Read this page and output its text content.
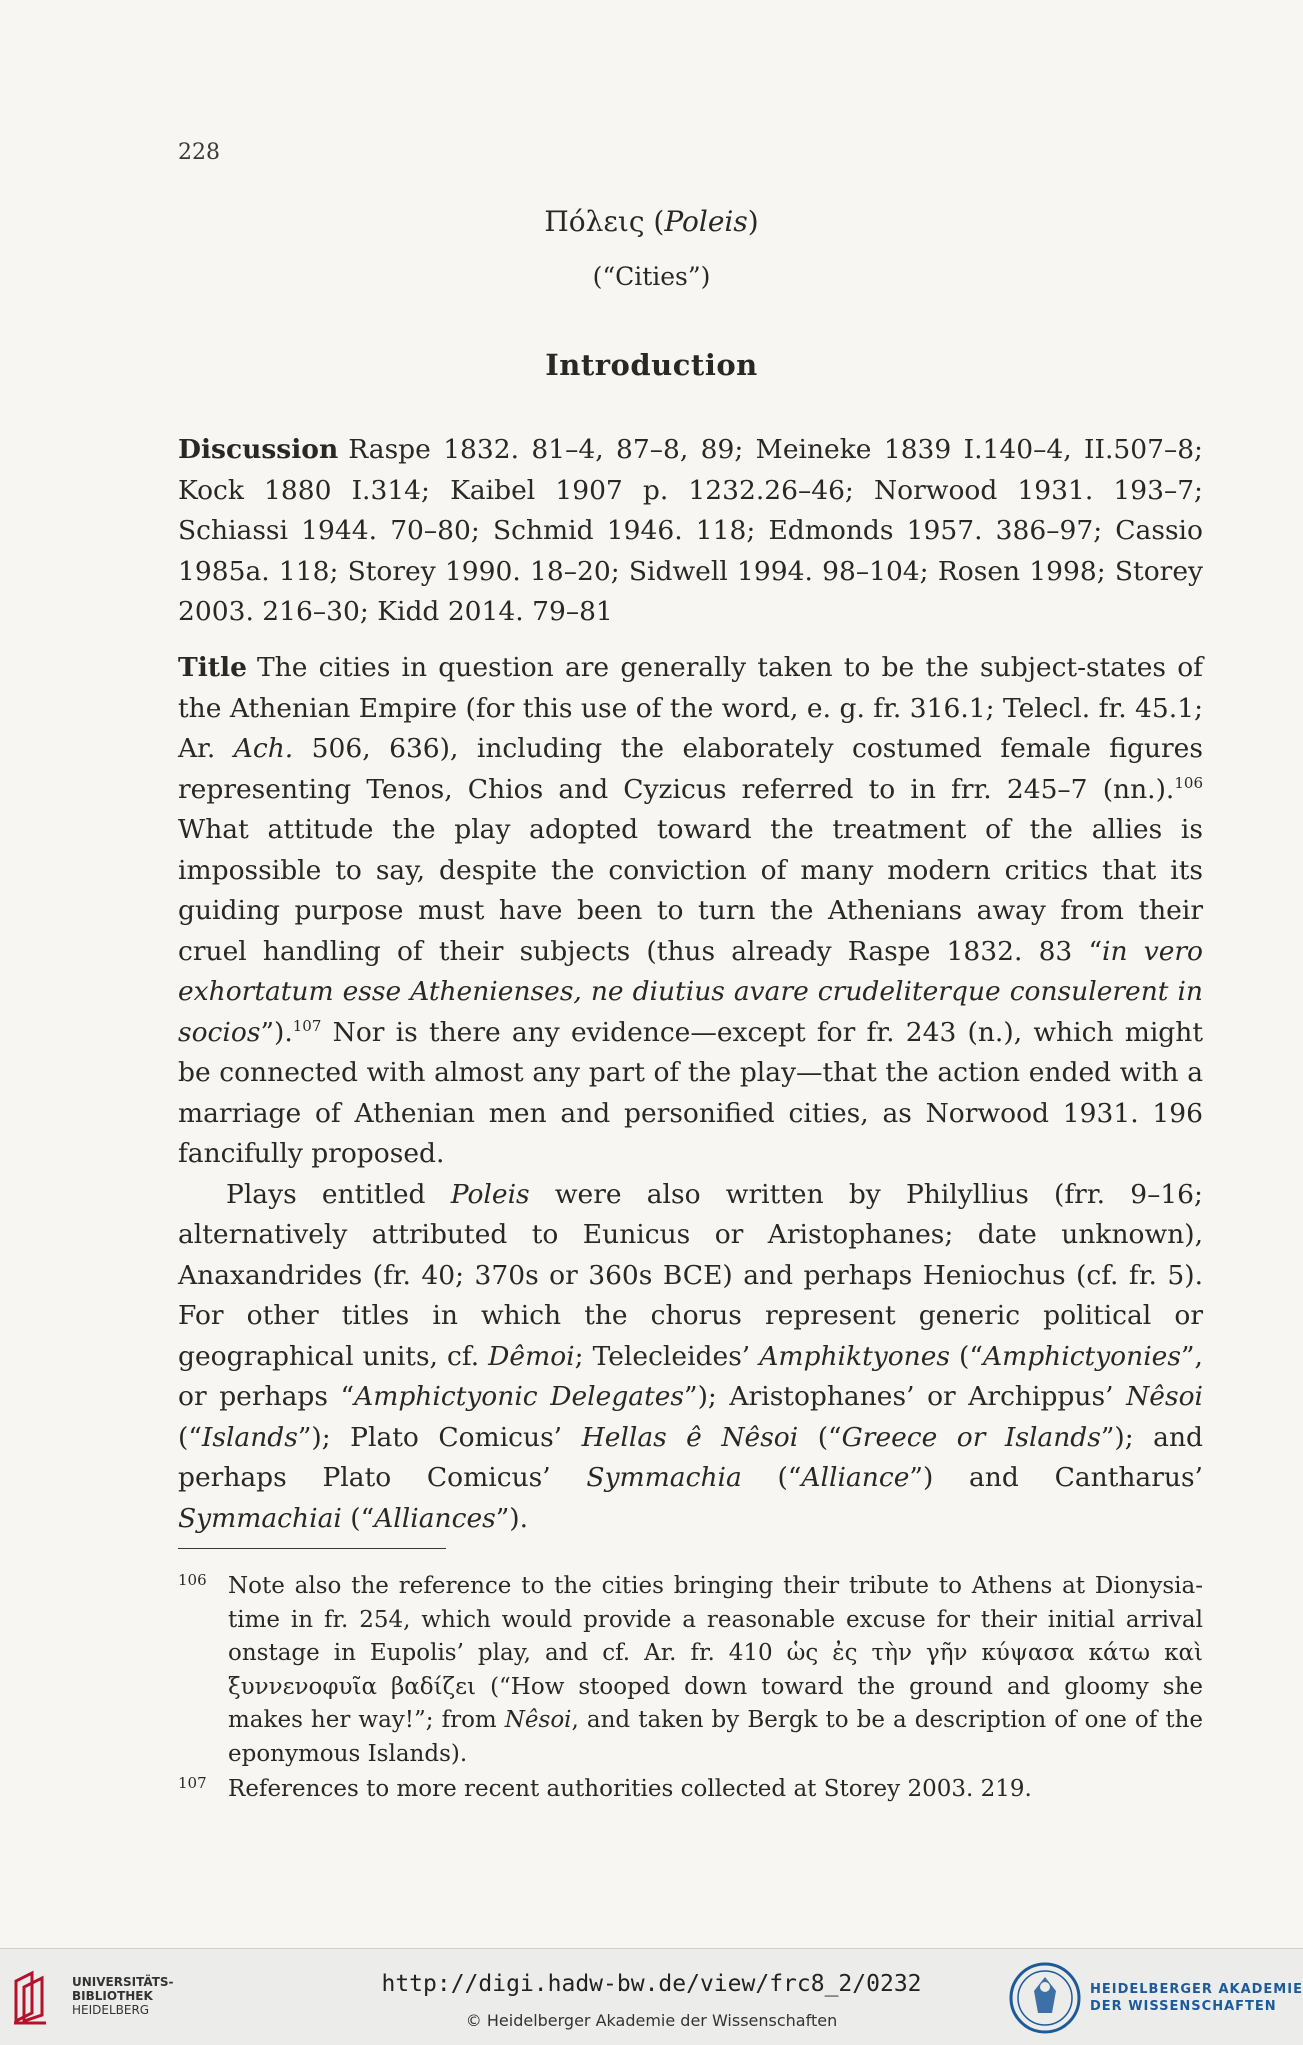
228
Πόλεις (Poleis)
(“Cities”)
Introduction

Discussion Raspe 1832. 81–4, 87–8, 89; Meineke 1839 I.140–4, II.507–8; Kock 1880 I.314; Kaibel 1907 p. 1232.26–46; Norwood 1931. 193–7; Schiassi 1944. 70–80; Schmid 1946. 118; Edmonds 1957. 386–97; Cassio 1985a. 118; Storey 1990. 18–20; Sidwell 1994. 98–104; Rosen 1998; Storey 2003. 216–30; Kidd 2014. 79–81

Title The cities in question are generally taken to be the subject-states of the Athenian Empire (for this use of the word, e. g. fr. 316.1; Telecl. fr. 45.1; Ar. Ach. 506, 636), including the elaborately costumed female figures representing Tenos, Chios and Cyzicus referred to in frr. 245–7 (nn.).$^{106}$ What attitude the play adopted toward the treatment of the allies is impossible to say, despite the conviction of many modern critics that its guiding purpose must have been to turn the Athenians away from their cruel handling of their subjects (thus already Raspe 1832. 83 “in vero exhortatum esse Athenienses, ne diutius avare crudeliterque consulerent in socios”).$^{107}$ Nor is there any evidence—except for fr. 243 (n.), which might be connected with almost any part of the play—that the action ended with a marriage of Athenian men and personified cities, as Norwood 1931. 196 fancifully proposed.

Plays entitled Poleis were also written by Philyllius (frr. 9–16; alternatively attributed to Eunicus or Aristophanes; date unknown), Anaxandrides (fr. 40; 370s or 360s BCE) and perhaps Heniochus (cf. fr. 5). For other titles in which the chorus represent generic political or geographical units, cf. Dêmoi; Telecleides’ Amphiktyones (“Amphictyonies”, or perhaps “Amphictyonic Delegates”); Aristophanes’ or Archippus’ Nêsoi (“Islands”); Plato Comicus’ Hellas ê Nêsoi (“Greece or Islands”); and perhaps Plato Comicus’ Symmachia (“Alliance”) and Cantharus’ Symmachiai (“Alliances”).

106 Note also the reference to the cities bringing their tribute to Athens at Dionysia-time in fr. 254, which would provide a reasonable excuse for their initial arrival onstage in Eupolis’ play, and cf. Ar. fr. 410 ὡς ἐς τὴν γῆν κύψασα κάτω καὶ ξυννενοφυῖα βαδίζει (“How stooped down toward the ground and gloomy she makes her way!”; from Nêsoi, and taken by Bergk to be a description of one of the eponymous Islands).
107 References to more recent authorities collected at Storey 2003. 219.
UNIVERSITÄTS-
BIBLIOTHEK
HEIDELBERG
http://digi.hadw-bw.de/view/frc8_2/0232
© Heidelberger Akademie der Wissenschaften
HEIDELBERGER AKADEMIE
DER WISSENSCHAFTEN
